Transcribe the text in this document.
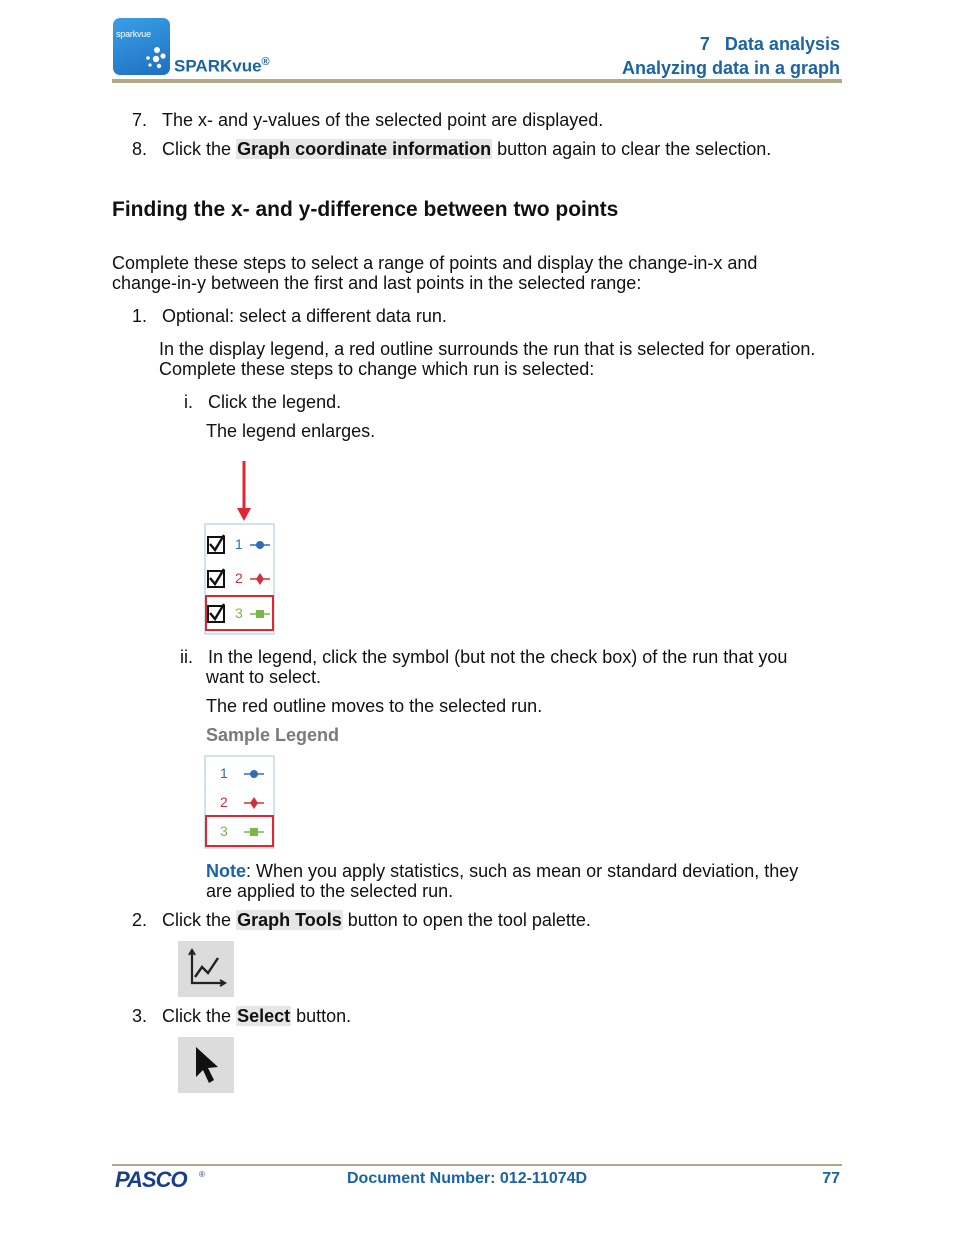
sparkvue
SPARKvue®
7   Data analysis
Analyzing data in a graph
7. The x- and y-values of the selected point are displayed.
8. Click the Graph coordinate information button again to clear the selection.
Finding the x- and y-difference between two points
Complete these steps to select a range of points and display the change-in-x and
change-in-y between the first and last points in the selected range:
1. Optional: select a different data run.
In the display legend, a red outline surrounds the run that is selected for operation.
Complete these steps to change which run is selected:
i. Click the legend.
The legend enlarges.
1
2
3
ii. In the legend, click the symbol (but not the check box) of the run that you
want to select.
The red outline moves to the selected run.
Sample Legend
1
2
3
Note: When you apply statistics, such as mean or standard deviation, they
are applied to the selected run.
2. Click the Graph Tools button to open the tool palette.
3. Click the Select button.
PASCO ®	Document Number: 012-11074D	77
